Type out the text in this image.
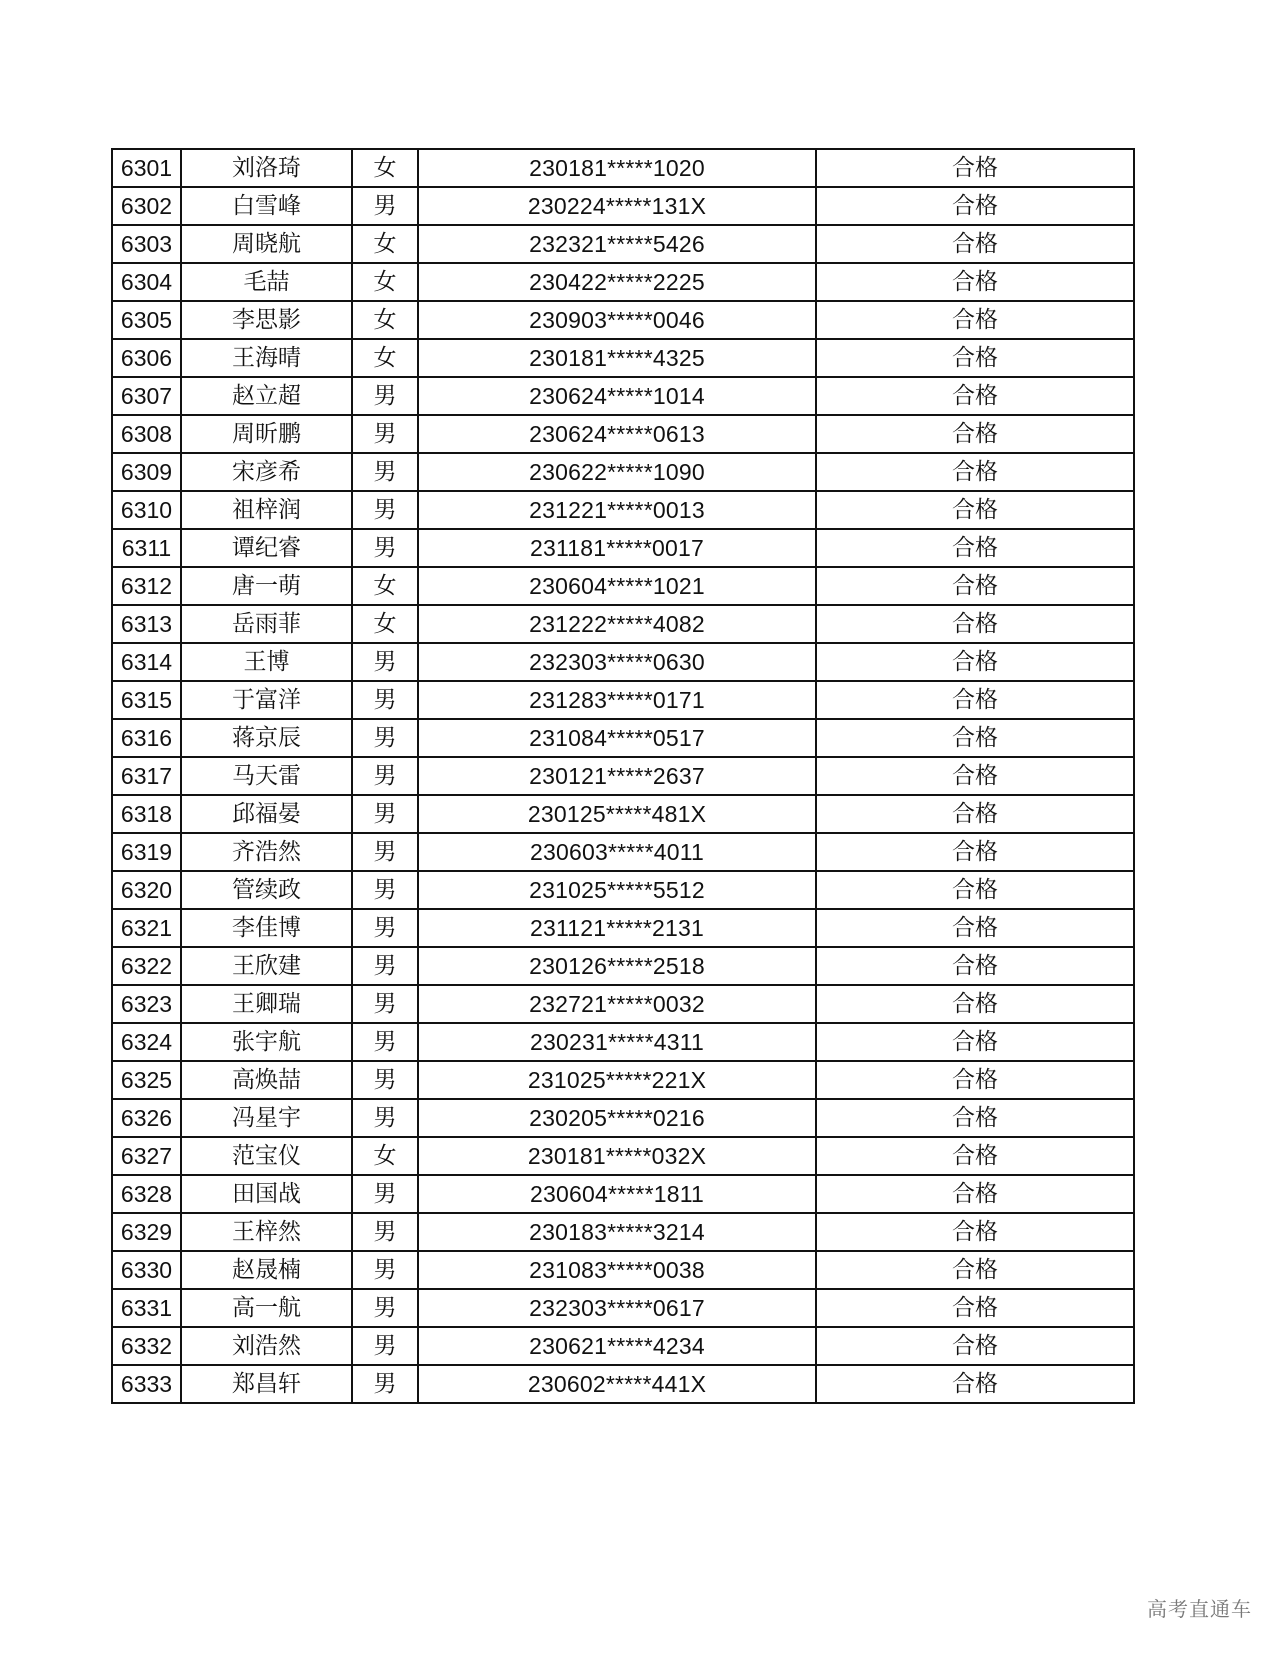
6301	刘洛琦	女	230181*****1020	合格
6302	白雪峰	男	230224*****131X	合格
6303	周晓航	女	232321*****5426	合格
6304	毛喆	女	230422*****2225	合格
6305	李思影	女	230903*****0046	合格
6306	王海晴	女	230181*****4325	合格
6307	赵立超	男	230624*****1014	合格
6308	周昕鹏	男	230624*****0613	合格
6309	宋彦希	男	230622*****1090	合格
6310	祖梓润	男	231221*****0013	合格
6311	谭纪睿	男	231181*****0017	合格
6312	唐一萌	女	230604*****1021	合格
6313	岳雨菲	女	231222*****4082	合格
6314	王博	男	232303*****0630	合格
6315	于富洋	男	231283*****0171	合格
6316	蒋京辰	男	231084*****0517	合格
6317	马天雷	男	230121*****2637	合格
6318	邱福晏	男	230125*****481X	合格
6319	齐浩然	男	230603*****4011	合格
6320	管续政	男	231025*****5512	合格
6321	李佳博	男	231121*****2131	合格
6322	王欣建	男	230126*****2518	合格
6323	王卿瑞	男	232721*****0032	合格
6324	张宇航	男	230231*****4311	合格
6325	高焕喆	男	231025*****221X	合格
6326	冯星宇	男	230205*****0216	合格
6327	范宝仪	女	230181*****032X	合格
6328	田国战	男	230604*****1811	合格
6329	王梓然	男	230183*****3214	合格
6330	赵晟楠	男	231083*****0038	合格
6331	高一航	男	232303*****0617	合格
6332	刘浩然	男	230621*****4234	合格
6333	郑昌轩	男	230602*****441X	合格
高考直通车
